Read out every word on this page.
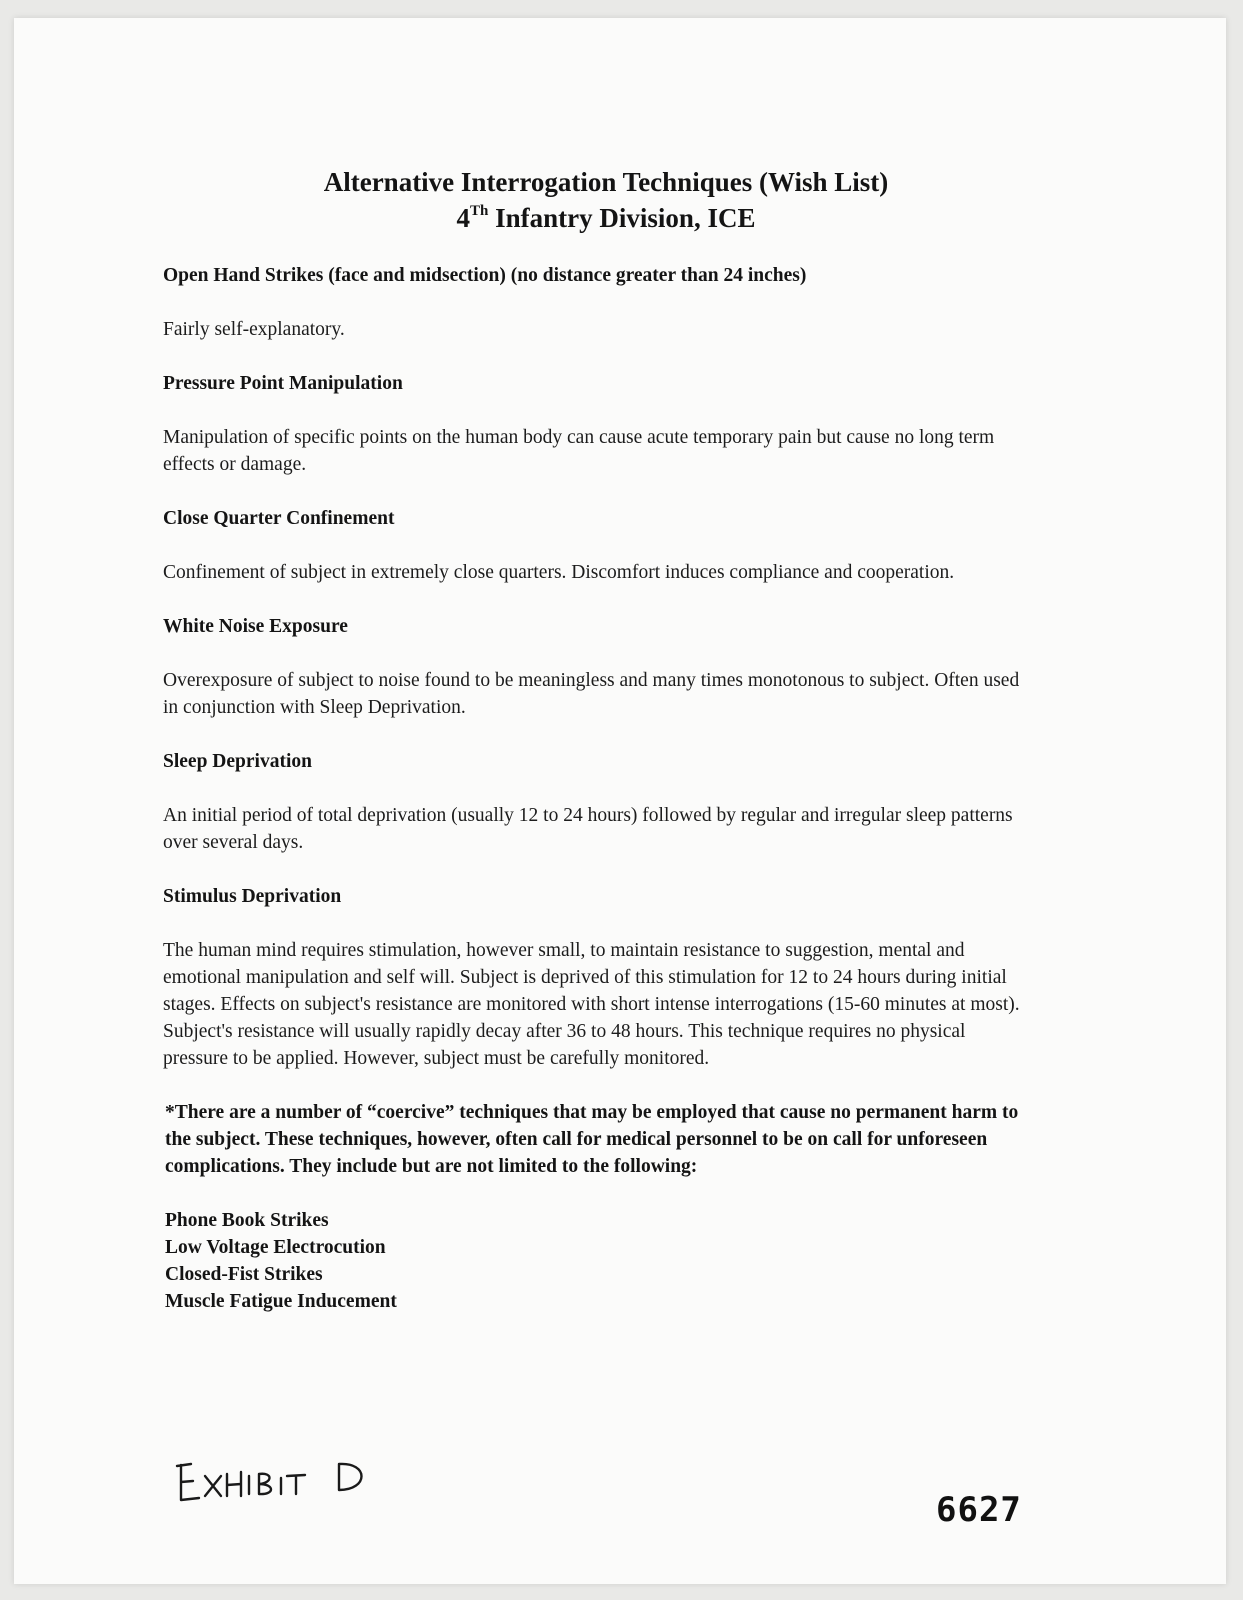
Alternative Interrogation Techniques (Wish List)
4Th Infantry Division, ICE

Open Hand Strikes (face and midsection) (no distance greater than 24 inches)

Fairly self-explanatory.

Pressure Point Manipulation

Manipulation of specific points on the human body can cause acute temporary pain but cause no long term effects or damage.

Close Quarter Confinement

Confinement of subject in extremely close quarters. Discomfort induces compliance and cooperation.

White Noise Exposure

Overexposure of subject to noise found to be meaningless and many times monotonous to subject. Often used in conjunction with Sleep Deprivation.

Sleep Deprivation

An initial period of total deprivation (usually 12 to 24 hours) followed by regular and irregular sleep patterns over several days.

Stimulus Deprivation

The human mind requires stimulation, however small, to maintain resistance to suggestion, mental and emotional manipulation and self will. Subject is deprived of this stimulation for 12 to 24 hours during initial stages. Effects on subject's resistance are monitored with short intense interrogations (15-60 minutes at most). Subject's resistance will usually rapidly decay after 36 to 48 hours. This technique requires no physical pressure to be applied. However, subject must be carefully monitored.

*There are a number of “coercive” techniques that may be employed that cause no permanent harm to the subject. These techniques, however, often call for medical personnel to be on call for unforeseen complications. They include but are not limited to the following:

Phone Book Strikes
Low Voltage Electrocution
Closed-Fist Strikes
Muscle Fatigue Inducement
6627
